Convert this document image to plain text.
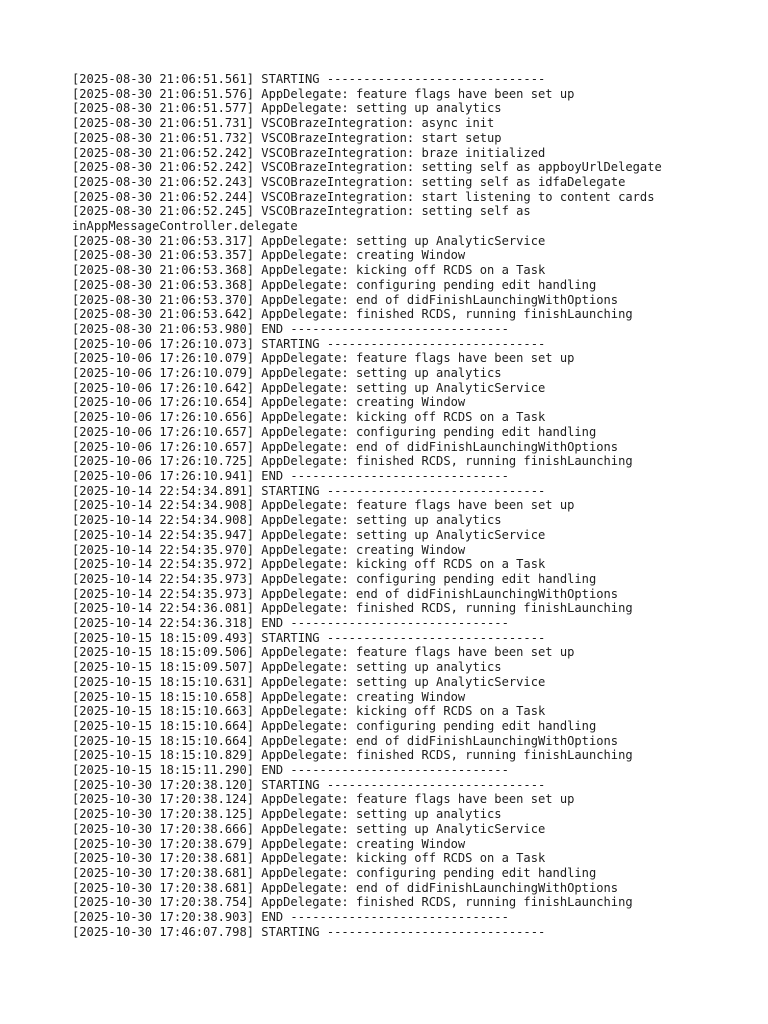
[2025-08-30 21:06:51.561] STARTING ------------------------------
[2025-08-30 21:06:51.576] AppDelegate: feature flags have been set up
[2025-08-30 21:06:51.577] AppDelegate: setting up analytics
[2025-08-30 21:06:51.731] VSCOBrazeIntegration: async init
[2025-08-30 21:06:51.732] VSCOBrazeIntegration: start setup
[2025-08-30 21:06:52.242] VSCOBrazeIntegration: braze initialized
[2025-08-30 21:06:52.242] VSCOBrazeIntegration: setting self as appboyUrlDelegate
[2025-08-30 21:06:52.243] VSCOBrazeIntegration: setting self as idfaDelegate
[2025-08-30 21:06:52.244] VSCOBrazeIntegration: start listening to content cards
[2025-08-30 21:06:52.245] VSCOBrazeIntegration: setting self as
inAppMessageController.delegate
[2025-08-30 21:06:53.317] AppDelegate: setting up AnalyticService
[2025-08-30 21:06:53.357] AppDelegate: creating Window
[2025-08-30 21:06:53.368] AppDelegate: kicking off RCDS on a Task
[2025-08-30 21:06:53.368] AppDelegate: configuring pending edit handling
[2025-08-30 21:06:53.370] AppDelegate: end of didFinishLaunchingWithOptions
[2025-08-30 21:06:53.642] AppDelegate: finished RCDS, running finishLaunching
[2025-08-30 21:06:53.980] END ------------------------------
[2025-10-06 17:26:10.073] STARTING ------------------------------
[2025-10-06 17:26:10.079] AppDelegate: feature flags have been set up
[2025-10-06 17:26:10.079] AppDelegate: setting up analytics
[2025-10-06 17:26:10.642] AppDelegate: setting up AnalyticService
[2025-10-06 17:26:10.654] AppDelegate: creating Window
[2025-10-06 17:26:10.656] AppDelegate: kicking off RCDS on a Task
[2025-10-06 17:26:10.657] AppDelegate: configuring pending edit handling
[2025-10-06 17:26:10.657] AppDelegate: end of didFinishLaunchingWithOptions
[2025-10-06 17:26:10.725] AppDelegate: finished RCDS, running finishLaunching
[2025-10-06 17:26:10.941] END ------------------------------
[2025-10-14 22:54:34.891] STARTING ------------------------------
[2025-10-14 22:54:34.908] AppDelegate: feature flags have been set up
[2025-10-14 22:54:34.908] AppDelegate: setting up analytics
[2025-10-14 22:54:35.947] AppDelegate: setting up AnalyticService
[2025-10-14 22:54:35.970] AppDelegate: creating Window
[2025-10-14 22:54:35.972] AppDelegate: kicking off RCDS on a Task
[2025-10-14 22:54:35.973] AppDelegate: configuring pending edit handling
[2025-10-14 22:54:35.973] AppDelegate: end of didFinishLaunchingWithOptions
[2025-10-14 22:54:36.081] AppDelegate: finished RCDS, running finishLaunching
[2025-10-14 22:54:36.318] END ------------------------------
[2025-10-15 18:15:09.493] STARTING ------------------------------
[2025-10-15 18:15:09.506] AppDelegate: feature flags have been set up
[2025-10-15 18:15:09.507] AppDelegate: setting up analytics
[2025-10-15 18:15:10.631] AppDelegate: setting up AnalyticService
[2025-10-15 18:15:10.658] AppDelegate: creating Window
[2025-10-15 18:15:10.663] AppDelegate: kicking off RCDS on a Task
[2025-10-15 18:15:10.664] AppDelegate: configuring pending edit handling
[2025-10-15 18:15:10.664] AppDelegate: end of didFinishLaunchingWithOptions
[2025-10-15 18:15:10.829] AppDelegate: finished RCDS, running finishLaunching
[2025-10-15 18:15:11.290] END ------------------------------
[2025-10-30 17:20:38.120] STARTING ------------------------------
[2025-10-30 17:20:38.124] AppDelegate: feature flags have been set up
[2025-10-30 17:20:38.125] AppDelegate: setting up analytics
[2025-10-30 17:20:38.666] AppDelegate: setting up AnalyticService
[2025-10-30 17:20:38.679] AppDelegate: creating Window
[2025-10-30 17:20:38.681] AppDelegate: kicking off RCDS on a Task
[2025-10-30 17:20:38.681] AppDelegate: configuring pending edit handling
[2025-10-30 17:20:38.681] AppDelegate: end of didFinishLaunchingWithOptions
[2025-10-30 17:20:38.754] AppDelegate: finished RCDS, running finishLaunching
[2025-10-30 17:20:38.903] END ------------------------------
[2025-10-30 17:46:07.798] STARTING ------------------------------
